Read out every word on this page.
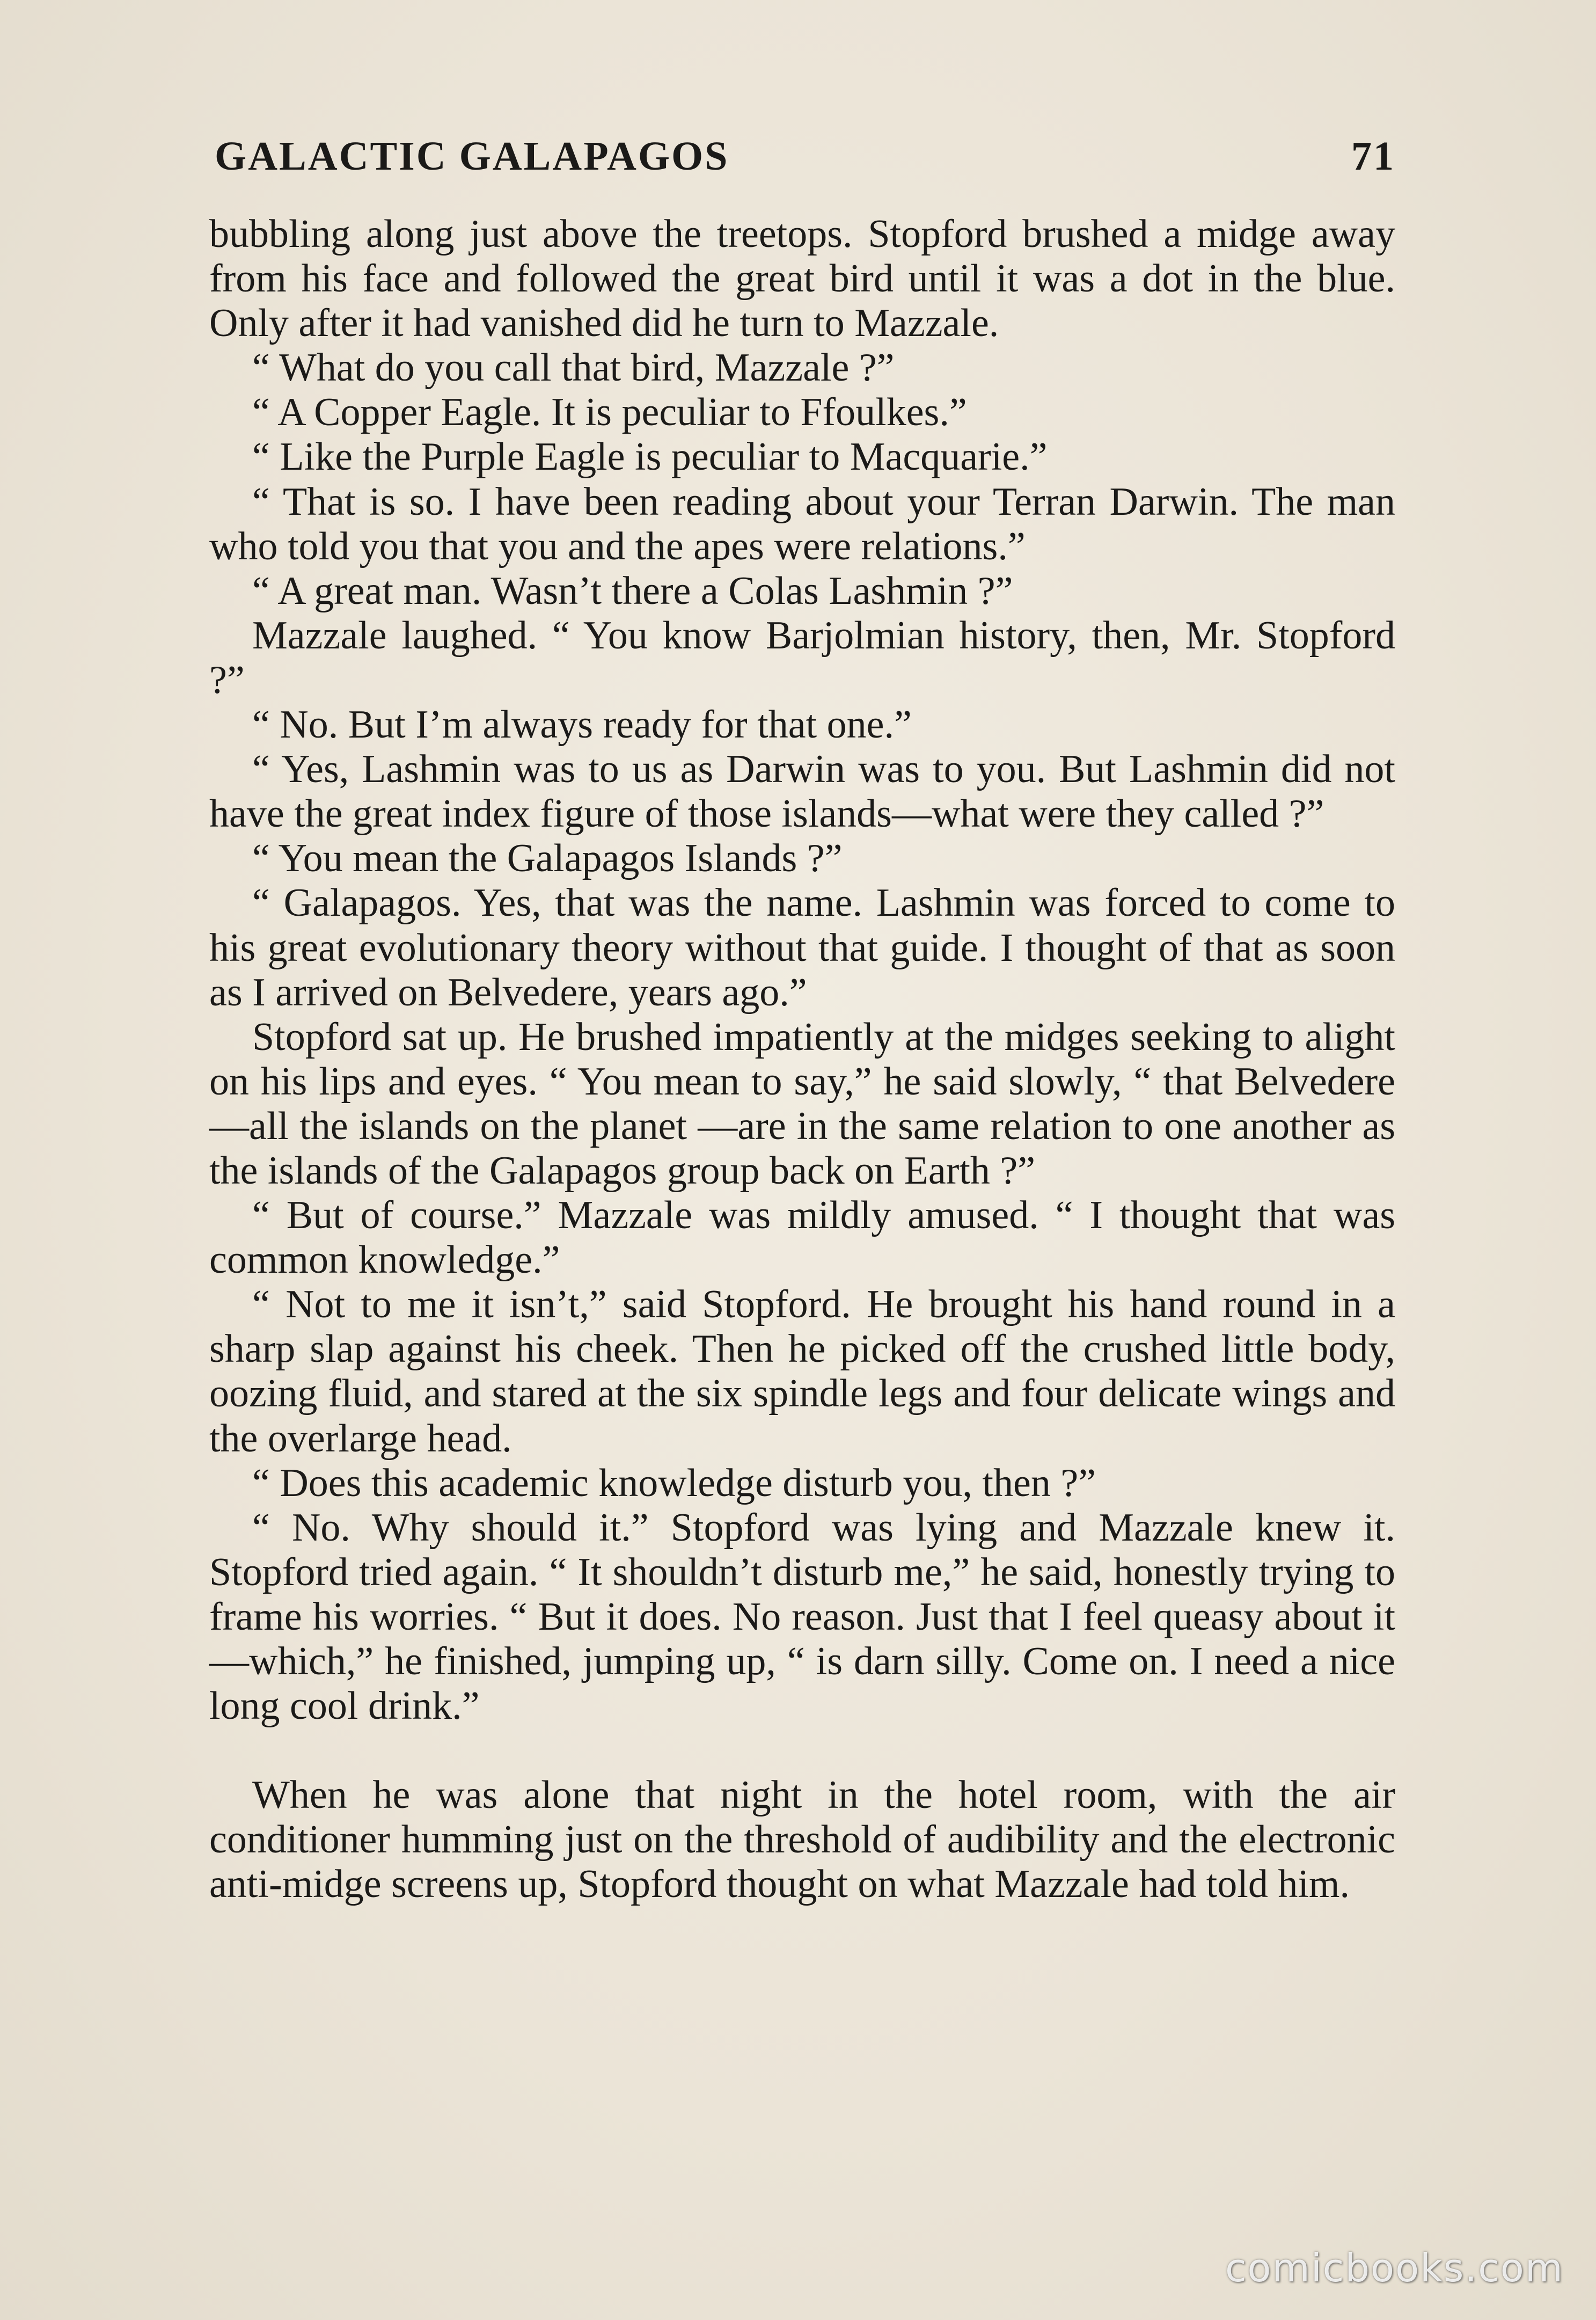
GALACTIC GALAPAGOS	71

bubbling along just above the treetops. Stopford brushed a midge away from his face and followed the great bird until it was a dot in the blue. Only after it had vanished did he turn to Mazzale.

“ What do you call that bird, Mazzale ?”

“ A Copper Eagle. It is peculiar to Ffoulkes.”

“ Like the Purple Eagle is peculiar to Macquarie.”

“ That is so. I have been reading about your Terran Darwin. The man who told you that you and the apes were relations.”

“ A great man. Wasn’t there a Colas Lashmin ?”

Mazzale laughed. “ You know Barjolmian history, then, Mr. Stopford ?”

“ No. But I’m always ready for that one.”

“ Yes, Lashmin was to us as Darwin was to you. But Lashmin did not have the great index figure of those islands—what were they called ?”

“ You mean the Galapagos Islands ?”

“ Galapagos. Yes, that was the name. Lashmin was forced to come to his great evolutionary theory without that guide. I thought of that as soon as I arrived on Belvedere, years ago.”

Stopford sat up. He brushed impatiently at the midges seeking to alight on his lips and eyes. “ You mean to say,” he said slowly, “ that Belvedere—all the islands on the planet —are in the same relation to one another as the islands of the Galapagos group back on Earth ?”

“ But of course.” Mazzale was mildly amused. “ I thought that was common knowledge.”

“ Not to me it isn’t,” said Stopford. He brought his hand round in a sharp slap against his cheek. Then he picked off the crushed little body, oozing fluid, and stared at the six spindle legs and four delicate wings and the overlarge head.

“ Does this academic knowledge disturb you, then ?”

“ No. Why should it.” Stopford was lying and Mazzale knew it. Stopford tried again. “ It shouldn’t disturb me,” he said, honestly trying to frame his worries. “ But it does. No reason. Just that I feel queasy about it—which,” he finished, jumping up, “ is darn silly. Come on. I need a nice long cool drink.”

When he was alone that night in the hotel room, with the air conditioner humming just on the threshold of audibility and the electronic anti-midge screens up, Stopford thought on what Mazzale had told him.

comicbooks.com
